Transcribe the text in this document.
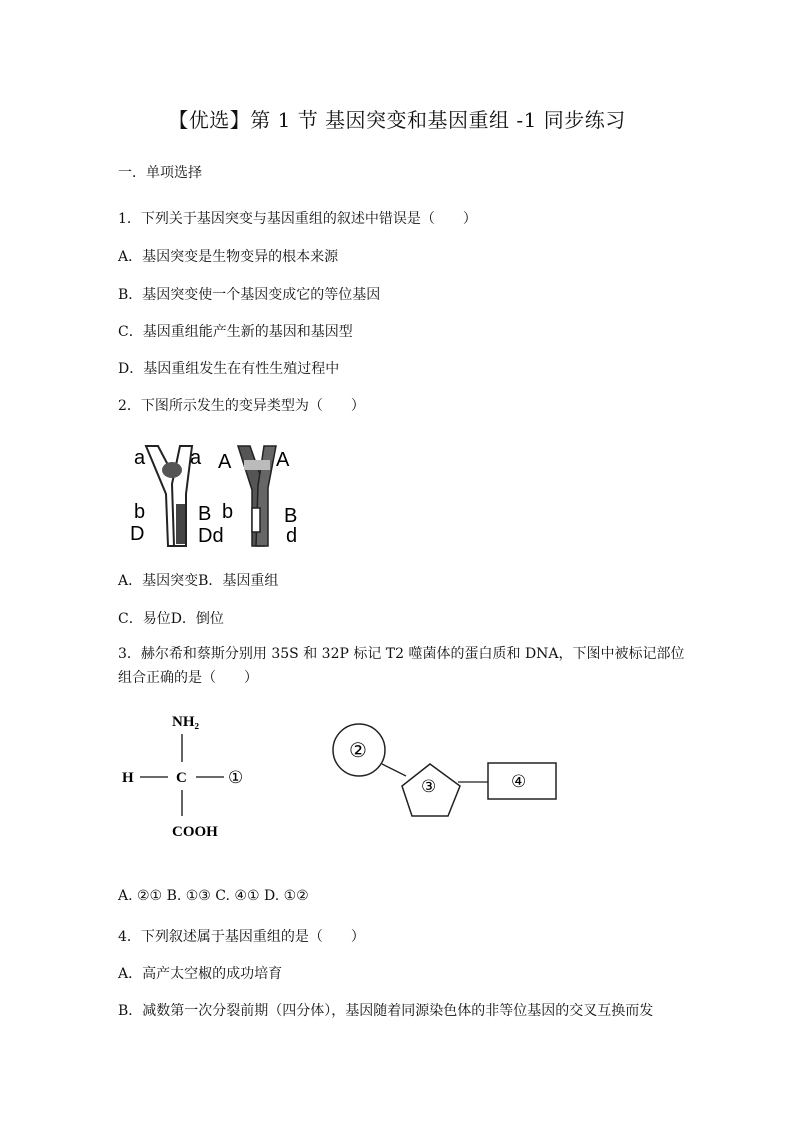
【优选】第 1 节 基因突变和基因重组 -1 同步练习
一．单项选择
1．下列关于基因突变与基因重组的叙述中错误是（　　）
A．基因突变是生物变异的根本来源
B．基因突变使一个基因变成它的等位基因
C．基因重组能产生新的基因和基因型
D．基因重组发生在有性生殖过程中
2．下图所示发生的变异类型为（　　）
a a
b
D
B
Dd
A A
b	B
d
A．基因突变B．基因重组
C．易位D．倒位
3．赫尔希和蔡斯分别用 35S 和 32P 标记 T2 噬菌体的蛋白质和 DNA，下图中被标记部位组合正确的是（　　）
NH₂
H	C ①
COOH
②
③	④
A. ②① B. ①③ C. ④① D. ①②
4．下列叙述属于基因重组的是（　　）
A．高产太空椒的成功培育
B．减数第一次分裂前期（四分体），基因随着同源染色体的非等位基因的交叉互换而发
